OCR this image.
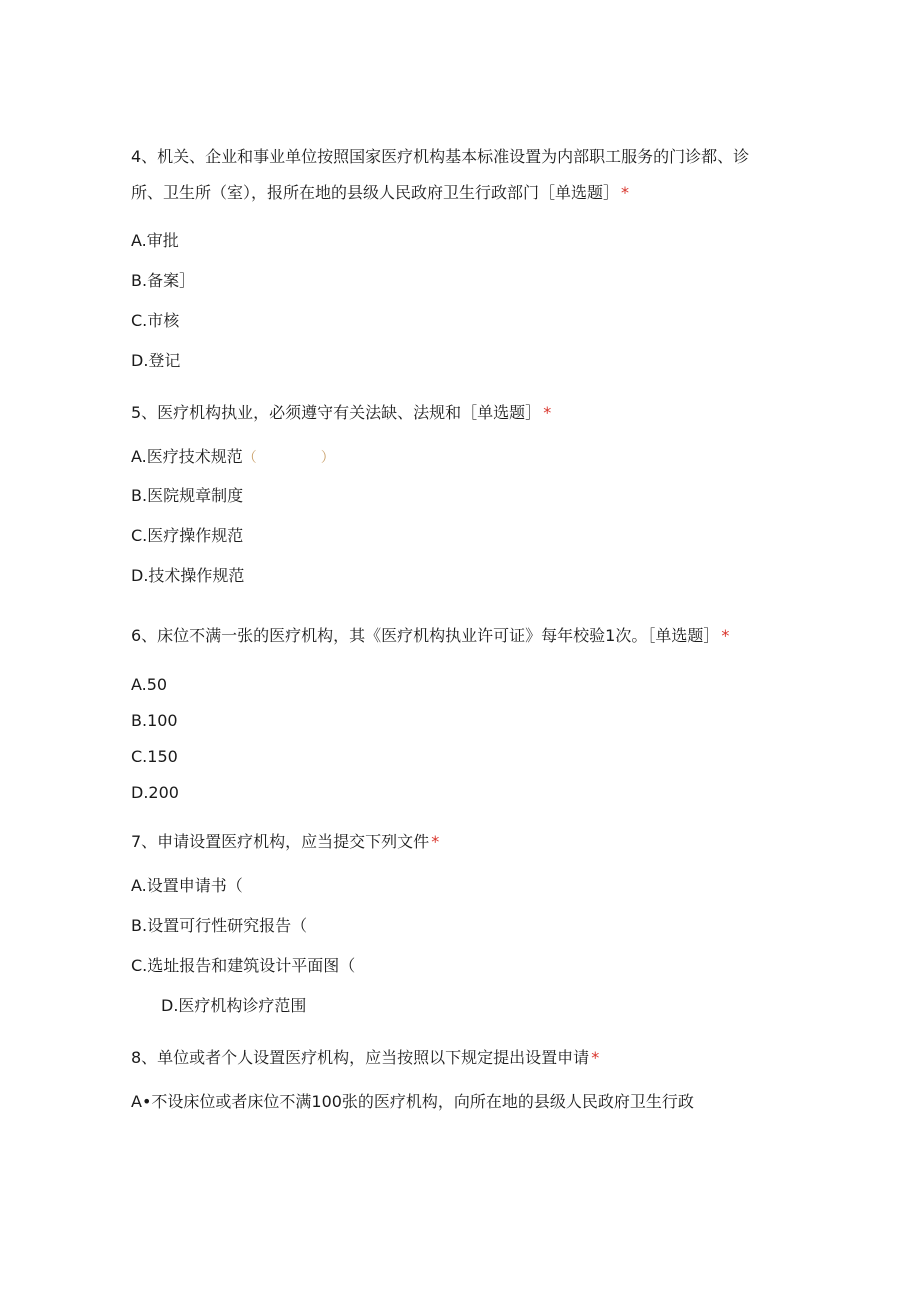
4、机关、企业和事业单位按照国家医疗机构基本标准设置为内部职工服务的门诊都、诊
所、卫生所（室），报所在地的县级人民政府卫生行政部门［单选题］ *
A.审批
B.备案］
C.市核
D.登记
5、医疗机构执业，必须遵守有关法缺、法规和［单选题］ *
A.医疗技术规范（	）
B.医院规章制度
C.医疗操作规范
D.技术操作规范
6、床位不满一张的医疗机构，其《医疗机构执业许可证》每年校验1次。［单选题］ *
A.50
B.100
C.150
D.200
7、申请设置医疗机构，应当提交下列文件 *
A.设置申请书（
B.设置可行性研究报告（
C.选址报告和建筑设计平面图（
D.医疗机构诊疗范围
8、单位或者个人设置医疗机构，应当按照以下规定提出设置申请 *
A•不设床位或者床位不满100张的医疗机构，向所在地的县级人民政府卫生行政
